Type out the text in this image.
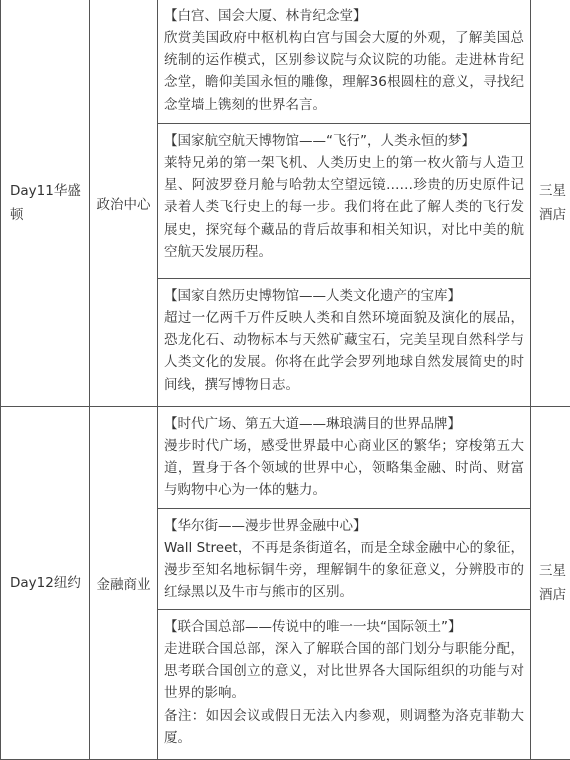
Day11华盛顿	政治中心	【白宫、国会大厦、林肯纪念堂】
欣赏美国政府中枢机构白宫与国会大厦的外观，了解美国总统制的运作模式，区别参议院与众议院的功能。走进林肯纪念堂，瞻仰美国永恒的雕像，理解36根圆柱的意义，寻找纪念堂墙上镌刻的世界名言。	三星酒店

		【国家航空航天博物馆——“飞行”，人类永恒的梦】
莱特兄弟的第一架飞机、人类历史上的第一枚火箭与人造卫星、阿波罗登月舱与哈勃太空望远镜……珍贵的历史原件记录着人类飞行史上的每一步。我们将在此了解人类的飞行发展史，探究每个藏品的背后故事和相关知识，对比中美的航空航天发展历程。	

		【国家自然历史博物馆——人类文化遗产的宝库】
超过一亿两千万件反映人类和自然环境面貌及演化的展品，恐龙化石、动物标本与天然矿藏宝石，完美呈现自然科学与人类文化的发展。你将在此学会罗列地球自然发展简史的时间线，撰写博物日志。	

Day12纽约	金融商业	【时代广场、第五大道——琳琅满目的世界品牌】
漫步时代广场，感受世界最中心商业区的繁华；穿梭第五大道，置身于各个领域的世界中心，领略集金融、时尚、财富与购物中心为一体的魅力。	三星酒店

		【华尔街——漫步世界金融中心】
Wall Street，不再是条街道名，而是全球金融中心的象征，漫步至知名地标铜牛旁，理解铜牛的象征意义，分辨股市的红绿黑以及牛市与熊市的区别。	

		【联合国总部——传说中的唯一一块“国际领土”】
走进联合国总部，深入了解联合国的部门划分与职能分配，思考联合国创立的意义，对比世界各大国际组织的功能与对世界的影响。
备注：如因会议或假日无法入内参观，则调整为洛克菲勒大厦。	
